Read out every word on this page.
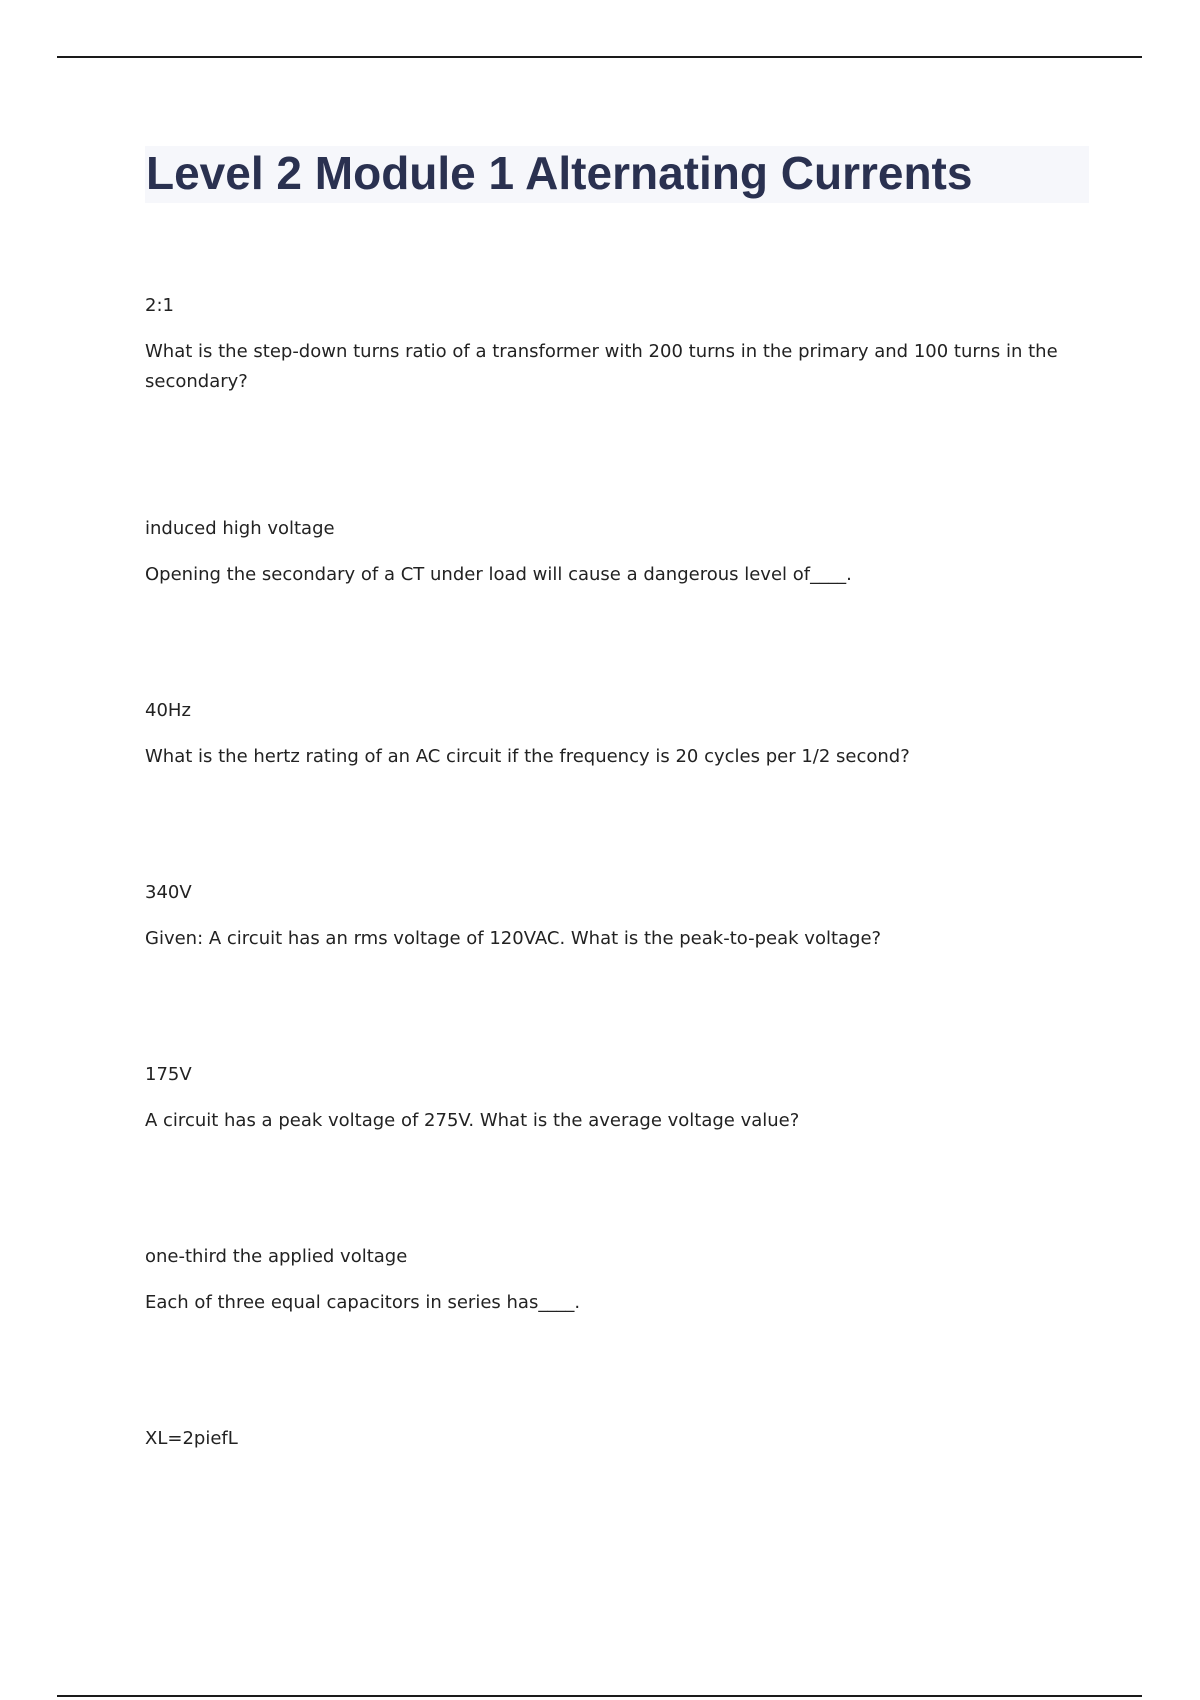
Level 2 Module 1 Alternating Currents

2:1

What is the step-down turns ratio of a transformer with 200 turns in the primary and 100 turns in the secondary?

induced high voltage

Opening the secondary of a CT under load will cause a dangerous level of____.

40Hz

What is the hertz rating of an AC circuit if the frequency is 20 cycles per 1/2 second?

340V

Given: A circuit has an rms voltage of 120VAC. What is the peak-to-peak voltage?

175V

A circuit has a peak voltage of 275V. What is the average voltage value?

one-third the applied voltage

Each of three equal capacitors in series has____.

XL=2piefL
